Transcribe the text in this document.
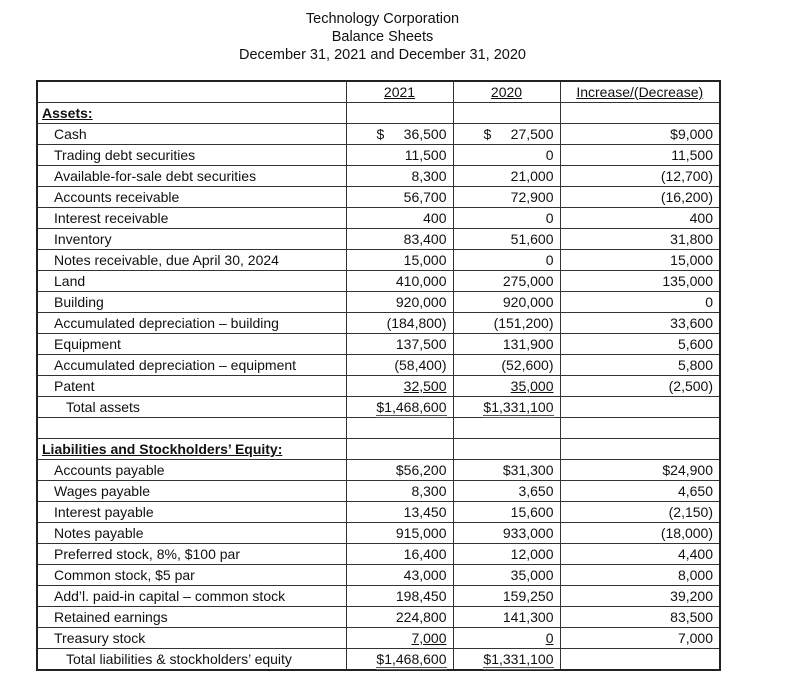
Technology Corporation
Balance Sheets
December 31, 2021 and December 31, 2020
	2021	2020	Increase/(Decrease)
Assets:			
Cash	$ 36,500	$ 27,500	$9,000
Trading debt securities	11,500	0	11,500
Available-for-sale debt securities	8,300	21,000	(12,700)
Accounts receivable	56,700	72,900	(16,200)
Interest receivable	400	0	400
Inventory	83,400	51,600	31,800
Notes receivable, due April 30, 2024	15,000	0	15,000
Land	410,000	275,000	135,000
Building	920,000	920,000	0
Accumulated depreciation – building	(184,800)	(151,200)	33,600
Equipment	137,500	131,900	5,600
Accumulated depreciation – equipment	(58,400)	(52,600)	5,800
Patent	32,500	35,000	(2,500)
Total assets	$1,468,600	$1,331,100	

Liabilities and Stockholders’ Equity:			
Accounts payable	$56,200	$31,300	$24,900
Wages payable	8,300	3,650	4,650
Interest payable	13,450	15,600	(2,150)
Notes payable	915,000	933,000	(18,000)
Preferred stock, 8%, $100 par	16,400	12,000	4,400
Common stock, $5 par	43,000	35,000	8,000
Add’l. paid-in capital – common stock	198,450	159,250	39,200
Retained earnings	224,800	141,300	83,500
Treasury stock	7,000	0	7,000
Total liabilities & stockholders’ equity	$1,468,600	$1,331,100	
